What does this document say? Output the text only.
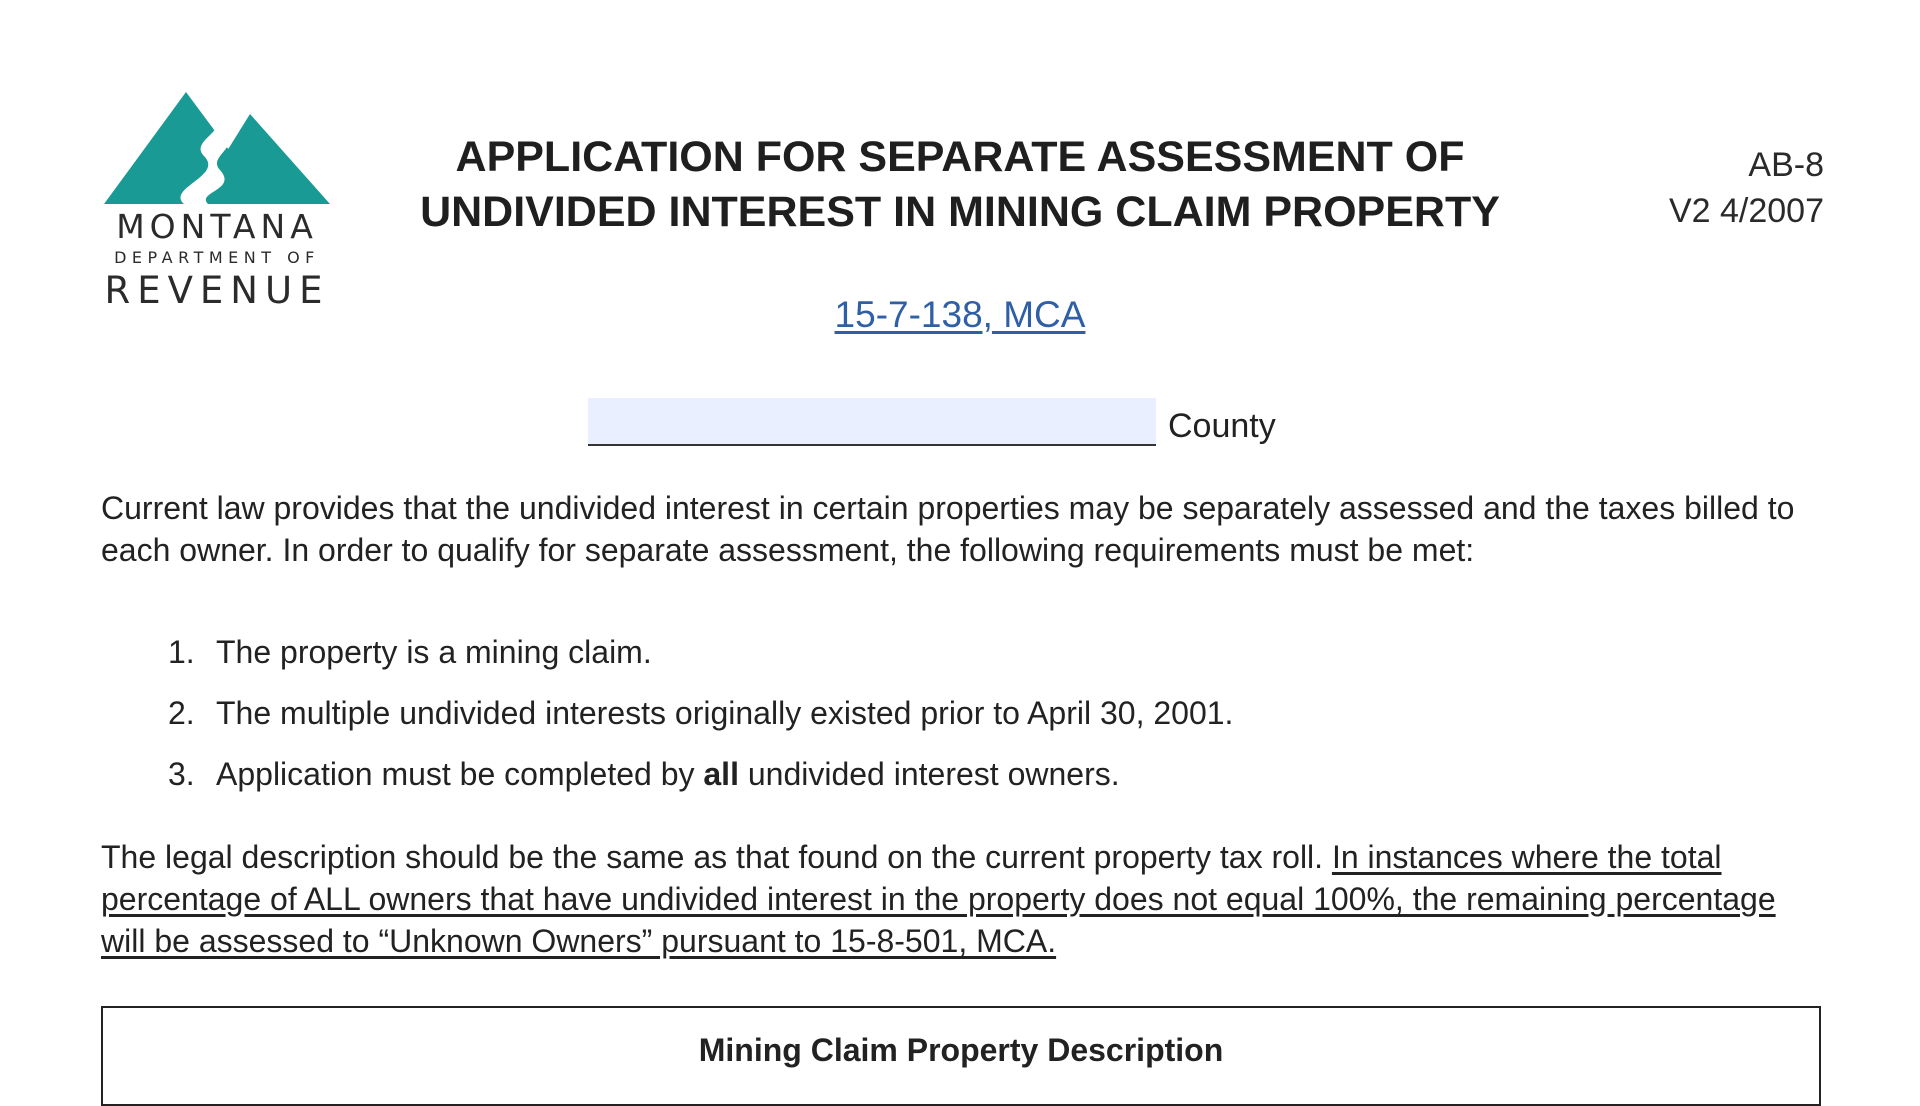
MONTANA
DEPARTMENT OF
REVENUE
APPLICATION FOR SEPARATE ASSESSMENT OF
UNDIVIDED INTEREST IN MINING CLAIM PROPERTY
AB-8
V2 4/2007
15-7-138, MCA
County

Current law provides that the undivided interest in certain properties may be separately assessed and the taxes billed to each owner. In order to qualify for separate assessment, the following requirements must be met:

1. The property is a mining claim.
2. The multiple undivided interests originally existed prior to April 30, 2001.
3. Application must be completed by all undivided interest owners.

The legal description should be the same as that found on the current property tax roll. In instances where the total percentage of ALL owners that have undivided interest in the property does not equal 100%, the remaining percentage will be assessed to “Unknown Owners” pursuant to 15-8-501, MCA.

Mining Claim Property Description
